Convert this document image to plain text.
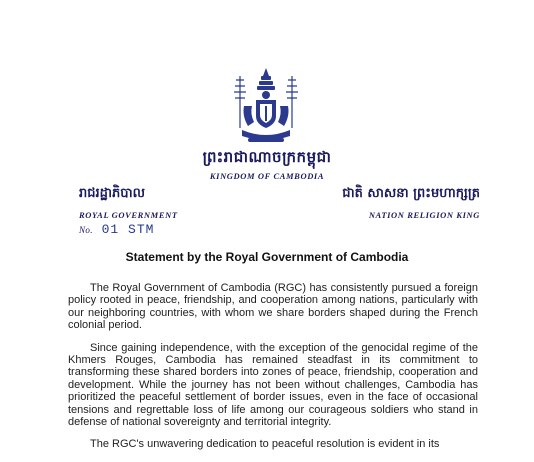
ព្រះរាជាណាចក្រកម្ពុជា
KINGDOM OF CAMBODIA
រាជរដ្ឋាភិបាល
ROYAL GOVERNMENT
No. 01 STM
ជាតិ សាសនា ព្រះមហាក្សត្រ
NATION RELIGION KING
Statement by the Royal Government of Cambodia

The Royal Government of Cambodia (RGC) has consistently pursued a foreign policy rooted in peace, friendship, and cooperation among nations, particularly with our neighboring countries, with whom we share borders shaped during the French colonial period.

Since gaining independence, with the exception of the genocidal regime of the Khmers Rouges, Cambodia has remained steadfast in its commitment to transforming these shared borders into zones of peace, friendship, cooperation and development. While the journey has not been without challenges, Cambodia has prioritized the peaceful settlement of border issues, even in the face of occasional tensions and regrettable loss of life among our courageous soldiers who stand in defense of national sovereignty and territorial integrity.

The RGC's unwavering dedication to peaceful resolution is evident in its
